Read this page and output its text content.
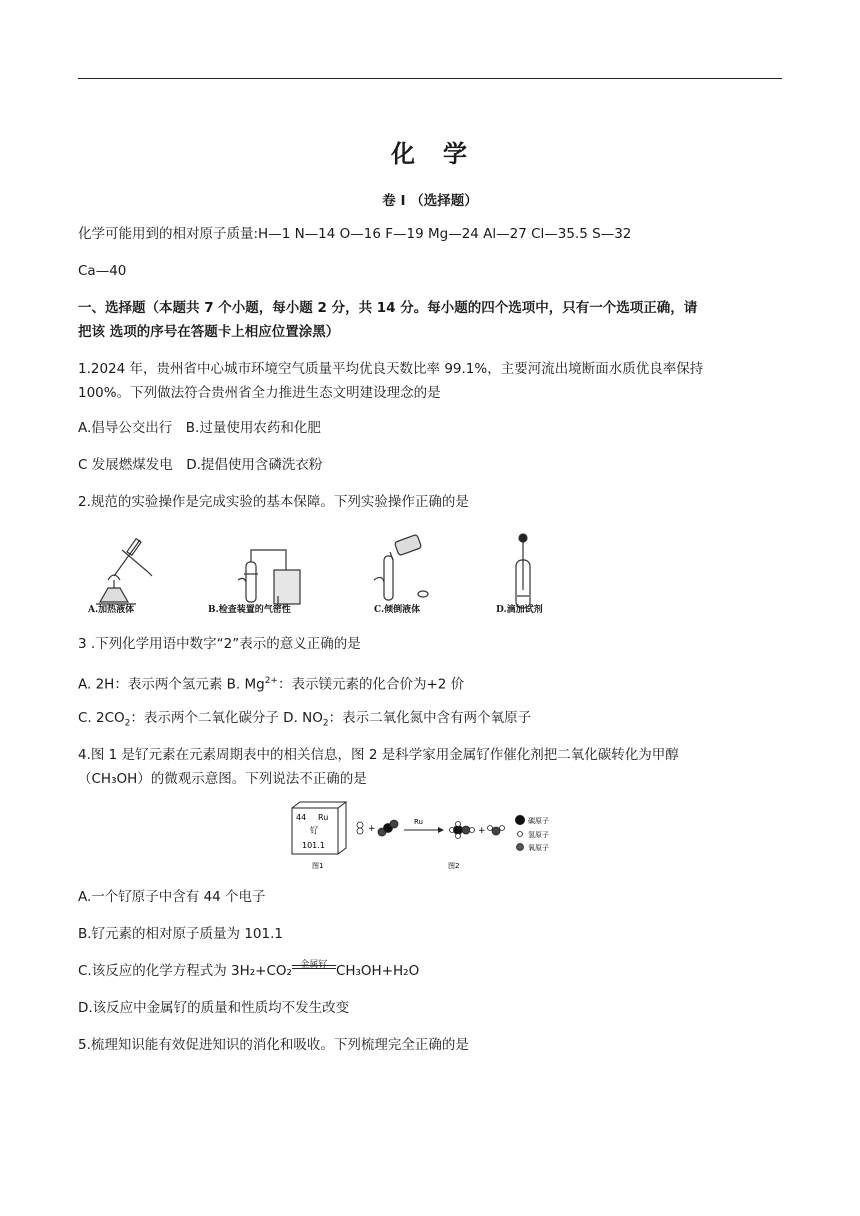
化　学
卷 I （选择题）
化学可能用到的相对原子质量:H—1 N—14 O—16 F—19 Mg—24 Al—27 Cl—35.5 S—32
Ca—40
一、选择题（本题共 7 个小题，每小题 2 分，共 14 分。每小题的四个选项中，只有一个选项正确，请
把该 选项的序号在答题卡上相应位置涂黑）
1.2024 年，贵州省中心城市环境空气质量平均优良天数比率 99.1%，主要河流出境断面水质优良率保持
100%。下列做法符合贵州省全力推进生态文明建设理念的是
A.倡导公交出行　B.过量使用农药和化肥
C 发展燃煤发电　D.提倡使用含磷洗衣粉
2.规范的实验操作是完成实验的基本保障。下列实验操作正确的是
A.加热液体	B.检查装置的气密性	C.倾倒液体	D.滴加试剂
3 .下列化学用语中数字“2”表示的意义正确的是
A. 2H：表示两个氢元素 B. $Mg^{2+}$：表示镁元素的化合价为+2 价
C. $2CO_2$：表示两个二氧化碳分子 D. $NO_2$：表示二氧化氮中含有两个氧原子
4.图 1 是钌元素在元素周期表中的相关信息，图 2 是科学家用金属钌作催化剂把二氧化碳转化为甲醇
（CH₃OH）的微观示意图。下列说法不正确的是
44 Ru
钌
101.1
图1
+
Ru
+
图2
碳原子
氢原子
氧原子
A.一个钌原子中含有 44 个电子
B.钌元素的相对原子质量为 101.1
C.该反应的化学方程式为 3H₂+CO₂ 金属钌 CH₃OH+H₂O
D.该反应中金属钌的质量和性质均不发生改变
5.梳理知识能有效促进知识的消化和吸收。下列梳理完全正确的是
